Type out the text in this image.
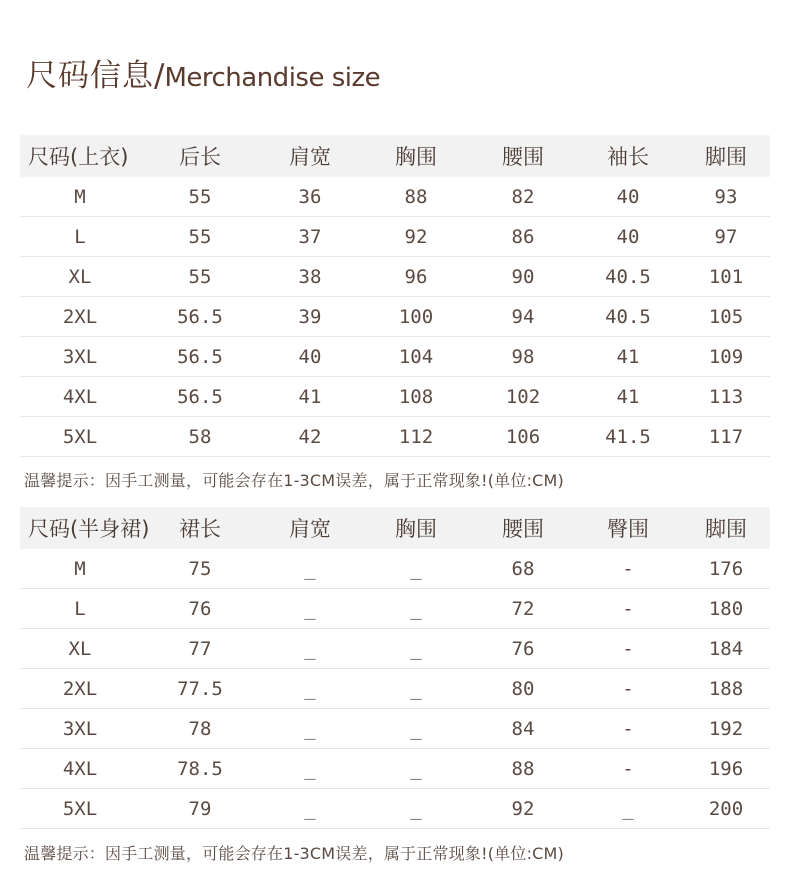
尺码信息/Merchandise size
尺码(上衣)	后长	肩宽	胸围	腰围	袖长	脚围
M	55	36	88	82	40	93
L	55	37	92	86	40	97
XL	55	38	96	90	40.5	101
2XL	56.5	39	100	94	40.5	105
3XL	56.5	40	104	98	41	109
4XL	56.5	41	108	102	41	113
5XL	58	42	112	106	41.5	117
温馨提示：因手工测量，可能会存在1-3CM误差，属于正常现象!(单位:CM)
尺码(半身裙)	裙长	肩宽	胸围	腰围	臀围	脚围
M	75	_	_	68	-	176
L	76	_	_	72	-	180
XL	77	_	_	76	-	184
2XL	77.5	_	_	80	-	188
3XL	78	_	_	84	-	192
4XL	78.5	_	_	88	-	196
5XL	79	_	_	92	_	200
温馨提示：因手工测量，可能会存在1-3CM误差，属于正常现象!(单位:CM)
